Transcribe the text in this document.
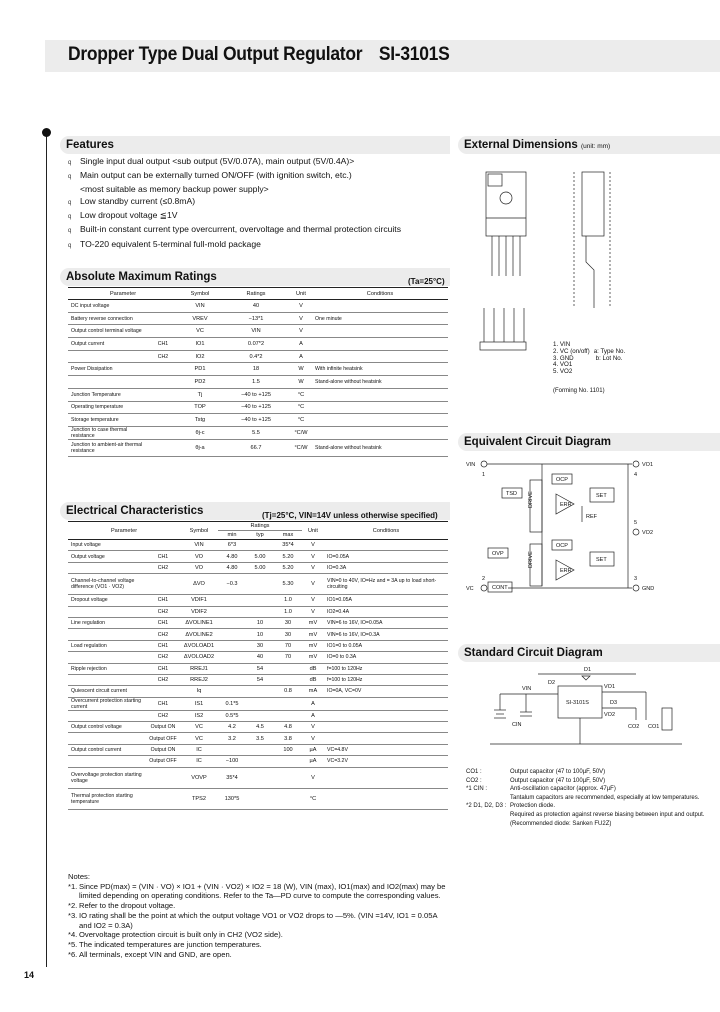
Dropper Type Dual Output Regulator SI-3101S
14
Features
q	Single input dual output <sub output (5V/0.07A), main output (5V/0.4A)>
q	Main output can be externally turned ON/OFF (with ignition switch, etc.)
<most suitable as memory backup power supply>
q	Low standby current (≤0.8mA)
q	Low dropout voltage ≦1V
q	Built-in constant current type overcurrent, overvoltage and thermal protection circuits
q	TO-220 equivalent 5-terminal full-mold package
Absolute Maximum Ratings	(Ta=25°C)
Parameter		Symbol	Ratings	Unit	Conditions
DC input voltage		VIN	40	V	
Battery reverse connection		VREV	−13*1	V	One minute
Output control terminal voltage		VC	VIN	V	
Output current	CH1	IO1	0.07*2	A	
	CH2	IO2	0.4*2	A	
Power Dissipation		PD1	18	W	With infinite heatsink
		PD2	1.5	W	Stand-alone without heatsink
Junction Temperature		Tj	−40 to +125	°C	
Operating temperature		TOP	−40 to +125	°C	
Storage temperature		Tstg	−40 to +125	°C	
Junction to case thermal resistance		θj-c	5.5	°C/W	
Junction to ambient-air thermal resistance		θj-a	66.7	°C/W	Stand-alone without heatsink
Electrical Characteristics	(Tj=25°C, VIN=14V unless otherwise specified)
Parameter		Symbol	Ratings			Unit	Conditions
			min	typ	max		
Input voltage		VIN	6*3		35*4	V	
Output voltage	CH1	VO	4.80	5.00	5.20	V	IO=0.05A
	CH2	VO	4.80	5.00	5.20	V	IO=0.3A
Channel-to-channel voltage difference (VO1 · VO2)		ΔVO	−0.3		5.30	V	VIN=0 to 40V, IO=Hz and = 3A up to load short-circuiting
Dropout voltage	CH1	VDIF1			1.0	V	IO1=0.05A
	CH2	VDIF2			1.0	V	IO2=0.4A
Line regulation	CH1	ΔVOLINE1		10	30	mV	VIN=6 to 16V, IO=0.05A
	CH2	ΔVOLINE2		10	30	mV	VIN=6 to 16V, IO=0.3A
Load regulation	CH1	ΔVOLOAD1		30	70	mV	IO1=0 to 0.05A
	CH2	ΔVOLOAD2		40	70	mV	IO=0 to 0.3A
Ripple rejection	CH1	RREJ1		54		dB	f=100 to 120Hz
	CH2	RREJ2		54		dB	f=100 to 120Hz
Quiescent circuit current		Iq			0.8	mA	IO=0A, VC=0V
Overcurrent protection starting current	CH1	IS1	0.1*5			A	
	CH2	IS2	0.5*5			A	
Output control voltage	Output ON	VC	4.2	4.5	4.8	V	
	Output OFF	VC	3.2	3.5	3.8	V	
Output control current	Output ON	IC			100	µA	VC=4.8V
	Output OFF	IC	−100			µA	VC=3.2V
Overvoltage protection starting voltage		VOVP	35*4			V	
Thermal protection starting temperature		TPS2	130*5			°C	
Notes:
*1. Since PD(max) = (VIN · VO) × IO1 + (VIN · VO2) × IO2 = 18 (W), VIN (max), IO1(max) and IO2(max) may be limited depending on operating conditions. Refer to the Ta—PD curve to compute the corresponding values.
*2. Refer to the dropout voltage.
*3. IO rating shall be the point at which the output voltage VO1 or VO2 drops to —5%. (VIN =14V, IO1 = 0.05A and IO2 = 0.3A)
*4. Overvoltage protection circuit is built only in CH2 (VO2 side).
*5. The indicated temperatures are junction temperatures.
*6. All terminals, except VIN and GND, are open.
External Dimensions (unit: mm)
1. VIN
2. VC (on/off) a: Type No.
3. GND	b: Lot No.
4. VO1
5. VO2
(Forming No. 1101)
Equivalent Circuit Diagram
VIN
1
VO1
4
VO2
5
VC
2
GND
3
TSD
OCP
OCP
SET
SET
REF
ERR
ERR
OVP
CONT
DRIVE
DRIVE
Standard Circuit Diagram
VIN
SI-3101S
VO1
VO2
CIN	CO2 CO1
D1
D2
D3
CO1 :	Output capacitor (47 to 100µF, 50V)
CO2 :	Output capacitor (47 to 100µF, 50V)
*1 CIN :	Anti-oscillation capacitor (approx. 47µF)
Tantalum capacitors are recommended, especially at low temperatures.
*2 D1, D2, D3 : Protection diode.
Required as protection against reverse biasing between input and output.
(Recommended diode: Sanken FU2Z)
